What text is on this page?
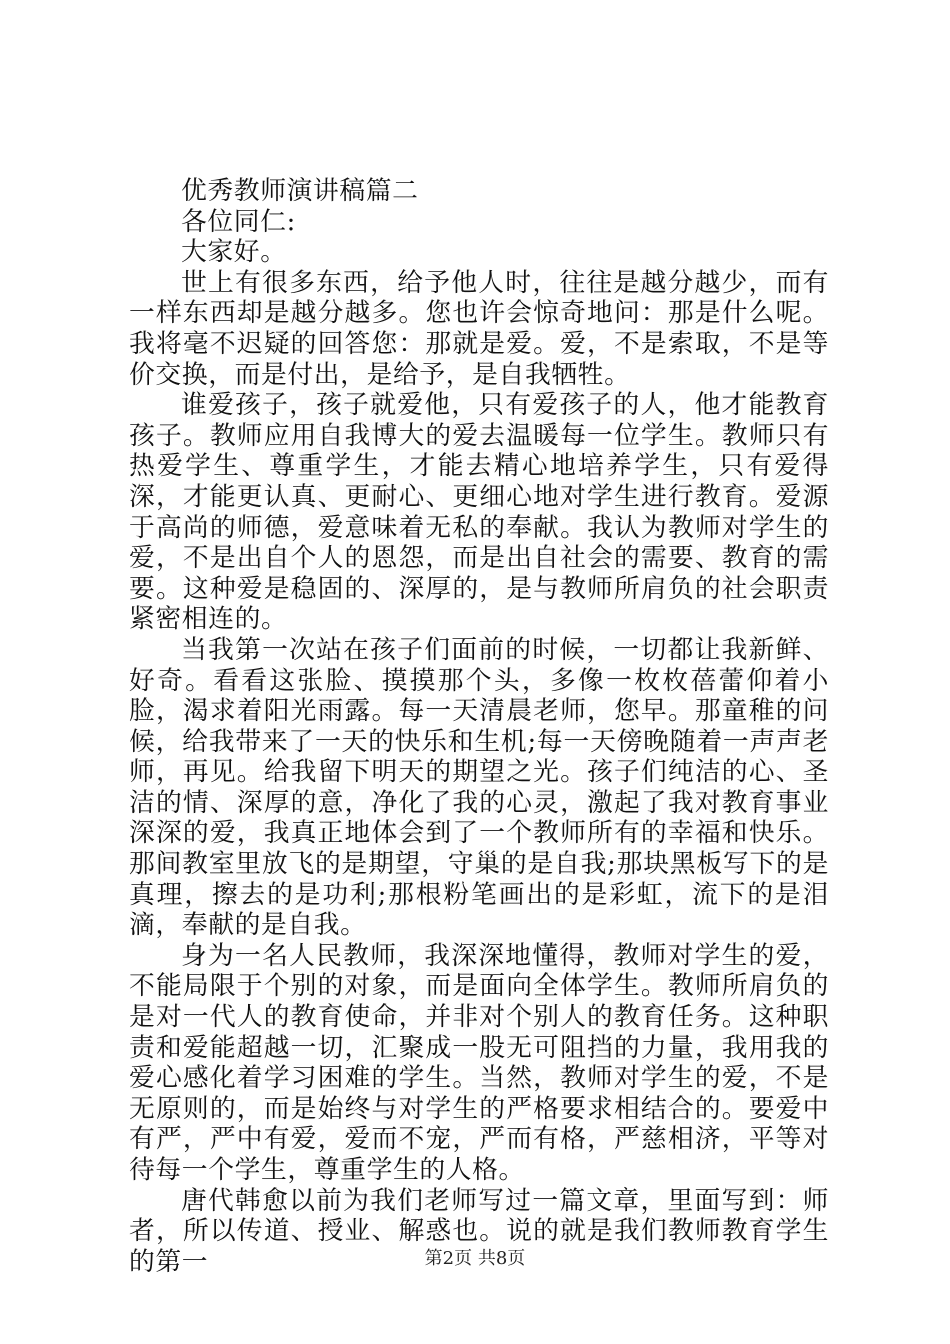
优秀教师演讲稿篇二

各位同仁:

大家好。

世上有很多东西，给予他人时，往往是越分越少，而有一样东西却是越分越多。您也许会惊奇地问：那是什么呢。我将毫不迟疑的回答您：那就是爱。爱，不是索取，不是等价交换，而是付出，是给予，是自我牺牲。

谁爱孩子，孩子就爱他，只有爱孩子的人，他才能教育孩子。教师应用自我博大的爱去温暖每一位学生。教师只有热爱学生、尊重学生，才能去精心地培养学生，只有爱得深，才能更认真、更耐心、更细心地对学生进行教育。爱源于高尚的师德，爱意味着无私的奉献。我认为教师对学生的爱，不是出自个人的恩怨，而是出自社会的需要、教育的需要。这种爱是稳固的、深厚的，是与教师所肩负的社会职责紧密相连的。

当我第一次站在孩子们面前的时候，一切都让我新鲜、好奇。看看这张脸、摸摸那个头，多像一枚枚蓓蕾仰着小脸，渴求着阳光雨露。每一天清晨老师，您早。那童稚的问候，给我带来了一天的快乐和生机;每一天傍晚随着一声声老师，再见。给我留下明天的期望之光。孩子们纯洁的心、圣洁的情、深厚的意，净化了我的心灵，激起了我对教育事业深深的爱，我真正地体会到了一个教师所有的幸福和快乐。那间教室里放飞的是期望，守巢的是自我;那块黑板写下的是真理，擦去的是功利;那根粉笔画出的是彩虹，流下的是泪滴，奉献的是自我。

身为一名人民教师，我深深地懂得，教师对学生的爱，不能局限于个别的对象，而是面向全体学生。教师所肩负的是对一代人的教育使命，并非对个别人的教育任务。这种职责和爱能超越一切，汇聚成一股无可阻挡的力量，我用我的爱心感化着学习困难的学生。当然，教师对学生的爱，不是无原则的，而是始终与对学生的严格要求相结合的。要爱中有严，严中有爱，爱而不宠，严而有格，严慈相济，平等对待每一个学生，尊重学生的人格。

唐代韩愈以前为我们老师写过一篇文章，里面写到：师者，所以传道、授业、解惑也。说的就是我们教师教育学生的第一	第2页 共8页
